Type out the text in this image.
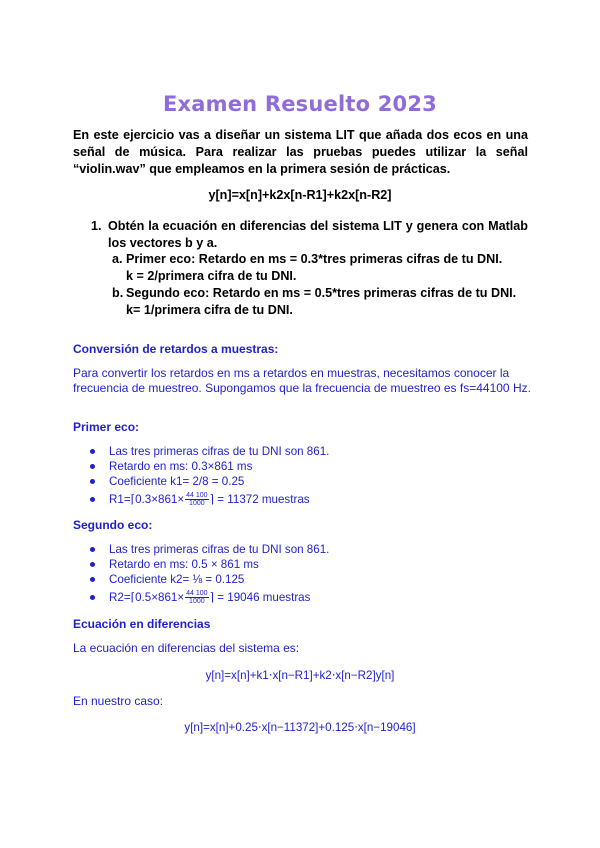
Examen Resuelto 2023
En este ejercicio vas a diseñar un sistema LIT que añada dos ecos en una señal de música. Para realizar las pruebas puedes utilizar la señal “violin.wav” que empleamos en la primera sesión de prácticas.
y[n]=x[n]+k2x[n-R1]+k2x[n-R2]
1. Obtén la ecuación en diferencias del sistema LIT y genera con Matlab los vectores b y a.
a. Primer eco: Retardo en ms = 0.3*tres primeras cifras de tu DNI.
k = 2/primera cifra de tu DNI.
b. Segundo eco: Retardo en ms = 0.5*tres primeras cifras de tu DNI.
k= 1/primera cifra de tu DNI.
Conversión de retardos a muestras:
Para convertir los retardos en ms a retardos en muestras, necesitamos conocer la frecuencia de muestreo. Supongamos que la frecuencia de muestreo es fs=44100 Hz.
Primer eco:
Las tres primeras cifras de tu DNI son 861.
Retardo en ms: 0.3×861 ms
Coeficiente k1= 2/8 = 0.25
R1=⌈0.3×861× $\frac{44 100}{1000}$ ⌉ = 11372 muestras
Segundo eco:
Las tres primeras cifras de tu DNI son 861.
Retardo en ms: 0.5 × 861 ms
Coeficiente k2= ⅛ = 0.125
R2=⌈0.5×861× $\frac{44 100}{1000}$ ⌉ = 19046 muestras
Ecuación en diferencias
La ecuación en diferencias del sistema es:
y[n]=x[n]+k1⋅x[n−R1]+k2⋅x[n−R2]y[n]
En nuestro caso:
y[n]=x[n]+0.25⋅x[n−11372]+0.125⋅x[n−19046]
